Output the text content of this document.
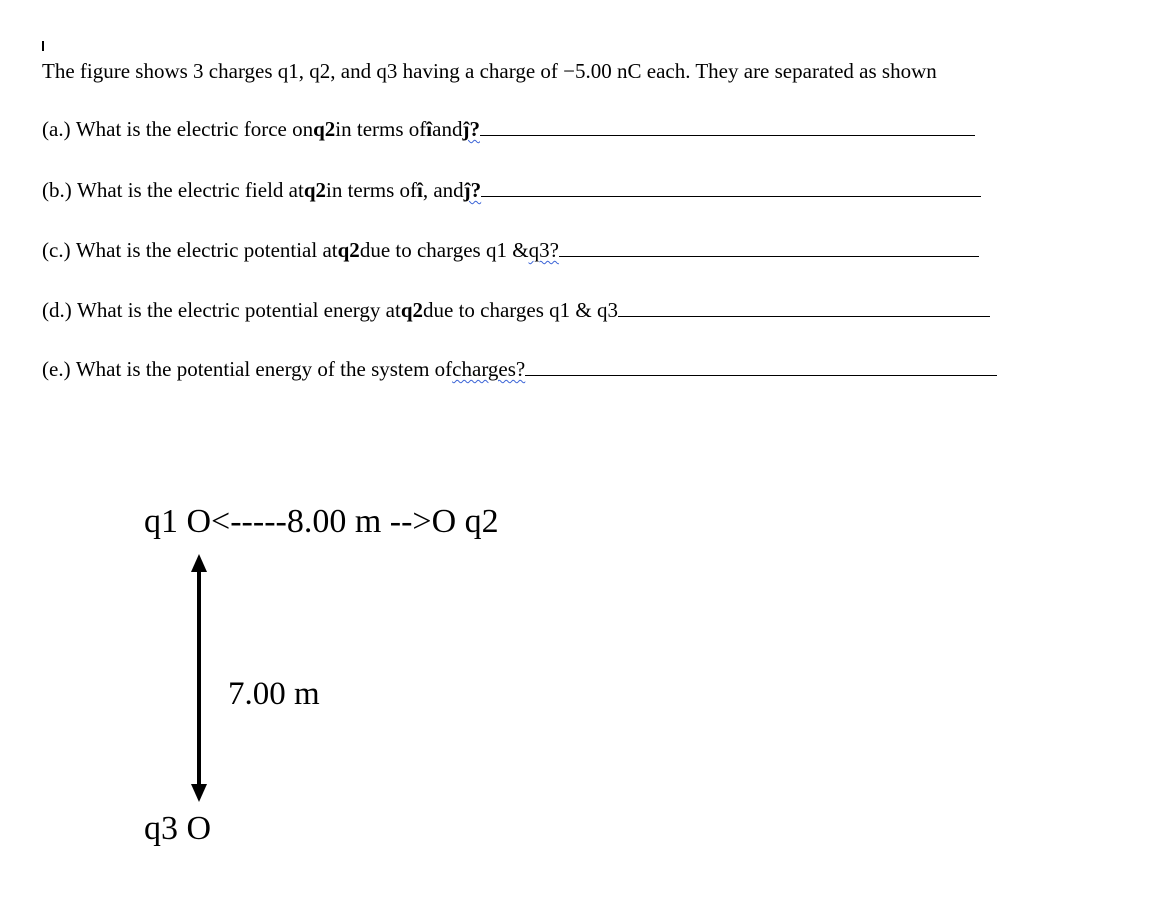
The figure shows 3 charges q1, q2, and q3 having a charge of −5.00 nC each. They are separated as shown

(a.)
What is the electric force on q2 in terms of î and ĵ?
(b.)
What is the electric field at q2 in terms of î , and ĵ?
(c.)
What is the electric potential at q2 due to charges q1 & q3?
(d.)
What is the electric potential energy at q2 due to charges q1 & q3
(e.)
What is the potential energy of the system of charges?
q1 O<-----8.00 m -->O q2
7.00 m
q3 O
